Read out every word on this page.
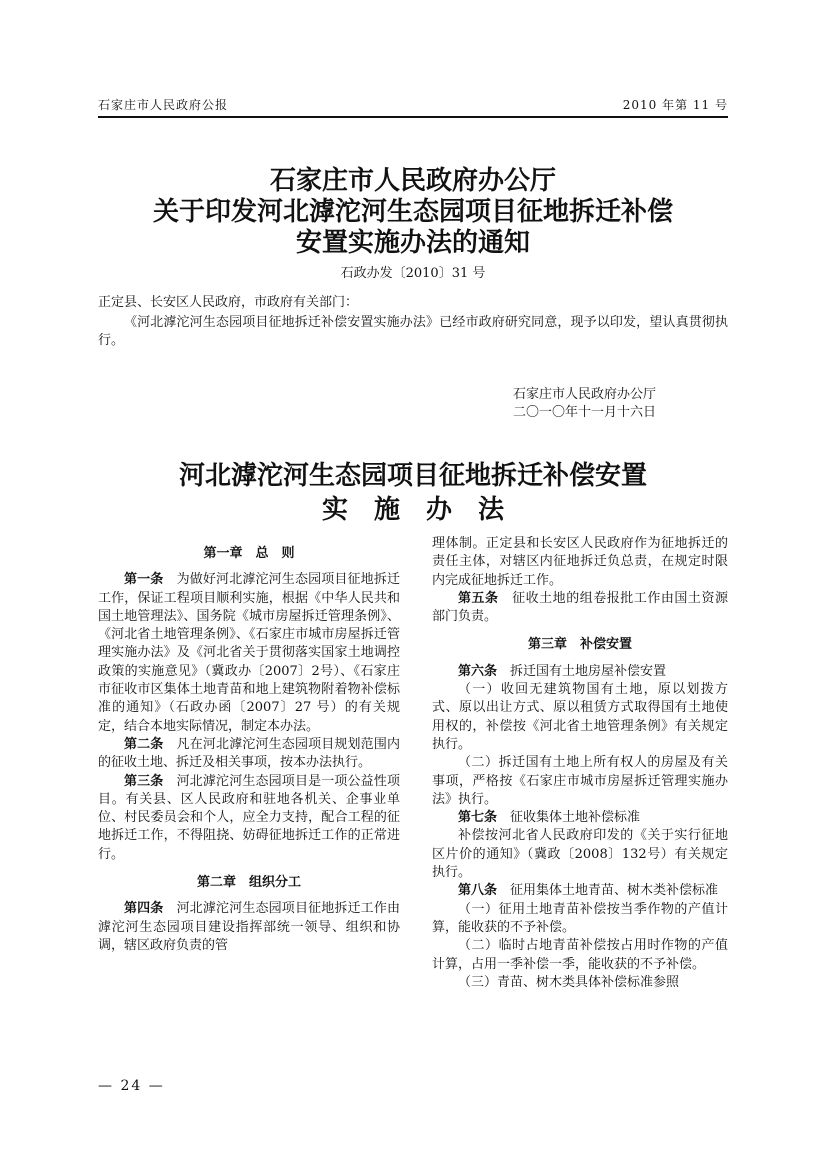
石家庄市人民政府公报	2010 年第 11 号
石家庄市人民政府办公厅
关于印发河北滹沱河生态园项目征地拆迁补偿
安置实施办法的通知
石政办发〔2010〕31 号
正定县、长安区人民政府，市政府有关部门：
《河北滹沱河生态园项目征地拆迁补偿安置实施办法》已经市政府研究同意，现予以印发，望认真贯彻执行。
石家庄市人民政府办公厅
二〇一〇年十一月十六日
河北滹沱河生态园项目征地拆迁补偿安置
实　施　办　法

第一章　总　则

第一条　 为做好河北滹沱河生态园项目征地拆迁工作，保证工程项目顺利实施，根据《中华人民共和国土地管理法》、国务院《城市房屋拆迁管理条例》、《河北省土地管理条例》、《石家庄市城市房屋拆迁管理实施办法》及《河北省关于贯彻落实国家土地调控政策的实施意见》（冀政办〔2007〕2号）、《石家庄市征收市区集体土地青苗和地上建筑物附着物补偿标准的通知》（石政办函〔2007〕27 号）的有关规定，结合本地实际情况，制定本办法。

第二条　 凡在河北滹沱河生态园项目规划范围内的征收土地、拆迁及相关事项，按本办法执行。

第三条　 河北滹沱河生态园项目是一项公益性项目。有关县、区人民政府和驻地各机关、企事业单位、村民委员会和个人，应全力支持，配合工程的征地拆迁工作，不得阻挠、妨碍征地拆迁工作的正常进行。

第二章　组织分工

第四条　 河北滹沱河生态园项目征地拆迁工作由滹沱河生态园项目建设指挥部统一领导、组织和协调，辖区政府负责的管

理体制。正定县和长安区人民政府作为征地拆迁的责任主体，对辖区内征地拆迁负总责，在规定时限内完成征地拆迁工作。

第五条　 征收土地的组卷报批工作由国土资源部门负责。

第三章　补偿安置

第六条　 拆迁国有土地房屋补偿安置

（一）收回无建筑物国有土地，原以划拨方式、原以出让方式、原以租赁方式取得国有土地使用权的，补偿按《河北省土地管理条例》有关规定执行。

（二）拆迁国有土地上所有权人的房屋及有关事项，严格按《石家庄市城市房屋拆迁管理实施办法》执行。

第七条　 征收集体土地补偿标准

补偿按河北省人民政府印发的《关于实行征地区片价的通知》（冀政〔2008〕132号）有关规定执行。

第八条　 征用集体土地青苗、树木类补偿标准

（一）征用土地青苗补偿按当季作物的产值计算，能收获的不予补偿。

（二）临时占地青苗补偿按占用时作物的产值计算，占用一季补偿一季，能收获的不予补偿。

（三）青苗、树木类具体补偿标准参照

— 24 —
